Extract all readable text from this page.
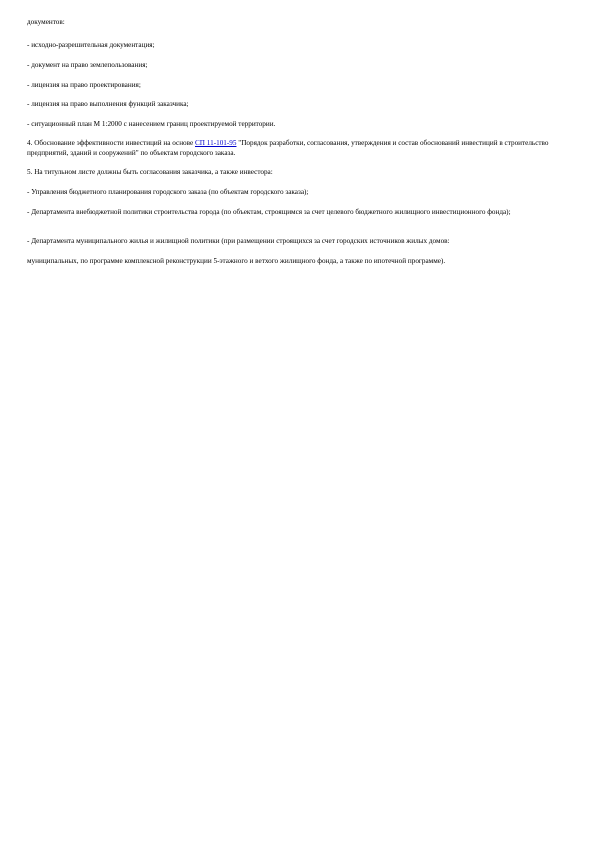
документов:
- исходно-разрешительная документация;
- документ на право землепользования;
- лицензия на право проектирования;
- лицензия на право выполнения функций заказчика;
- ситуационный план М 1:2000 с нанесением границ проектируемой территории.
4. Обоснование эффективности инвестиций на основе СП 11-101-95 "Порядок разработки, согласования, утверждения и состав обоснований инвестиций в строительство предприятий, зданий и сооружений" по объектам городского заказа.
5. На титульном листе должны быть согласования заказчика, а также инвестора:
- Управления бюджетного планирования городского заказа (по объектам городского заказа);
- Департамента внебюджетной политики строительства города (по объектам, строящимся за счет целевого бюджетного жилищного инвестиционного фонда);
- Департамента муниципального жилья и жилищной политики (при размещении строящихся за счет городских источников жилых домов:
муниципальных, по программе комплексной реконструкции 5-этажного и ветхого жилищного фонда, а также по ипотечной программе).
